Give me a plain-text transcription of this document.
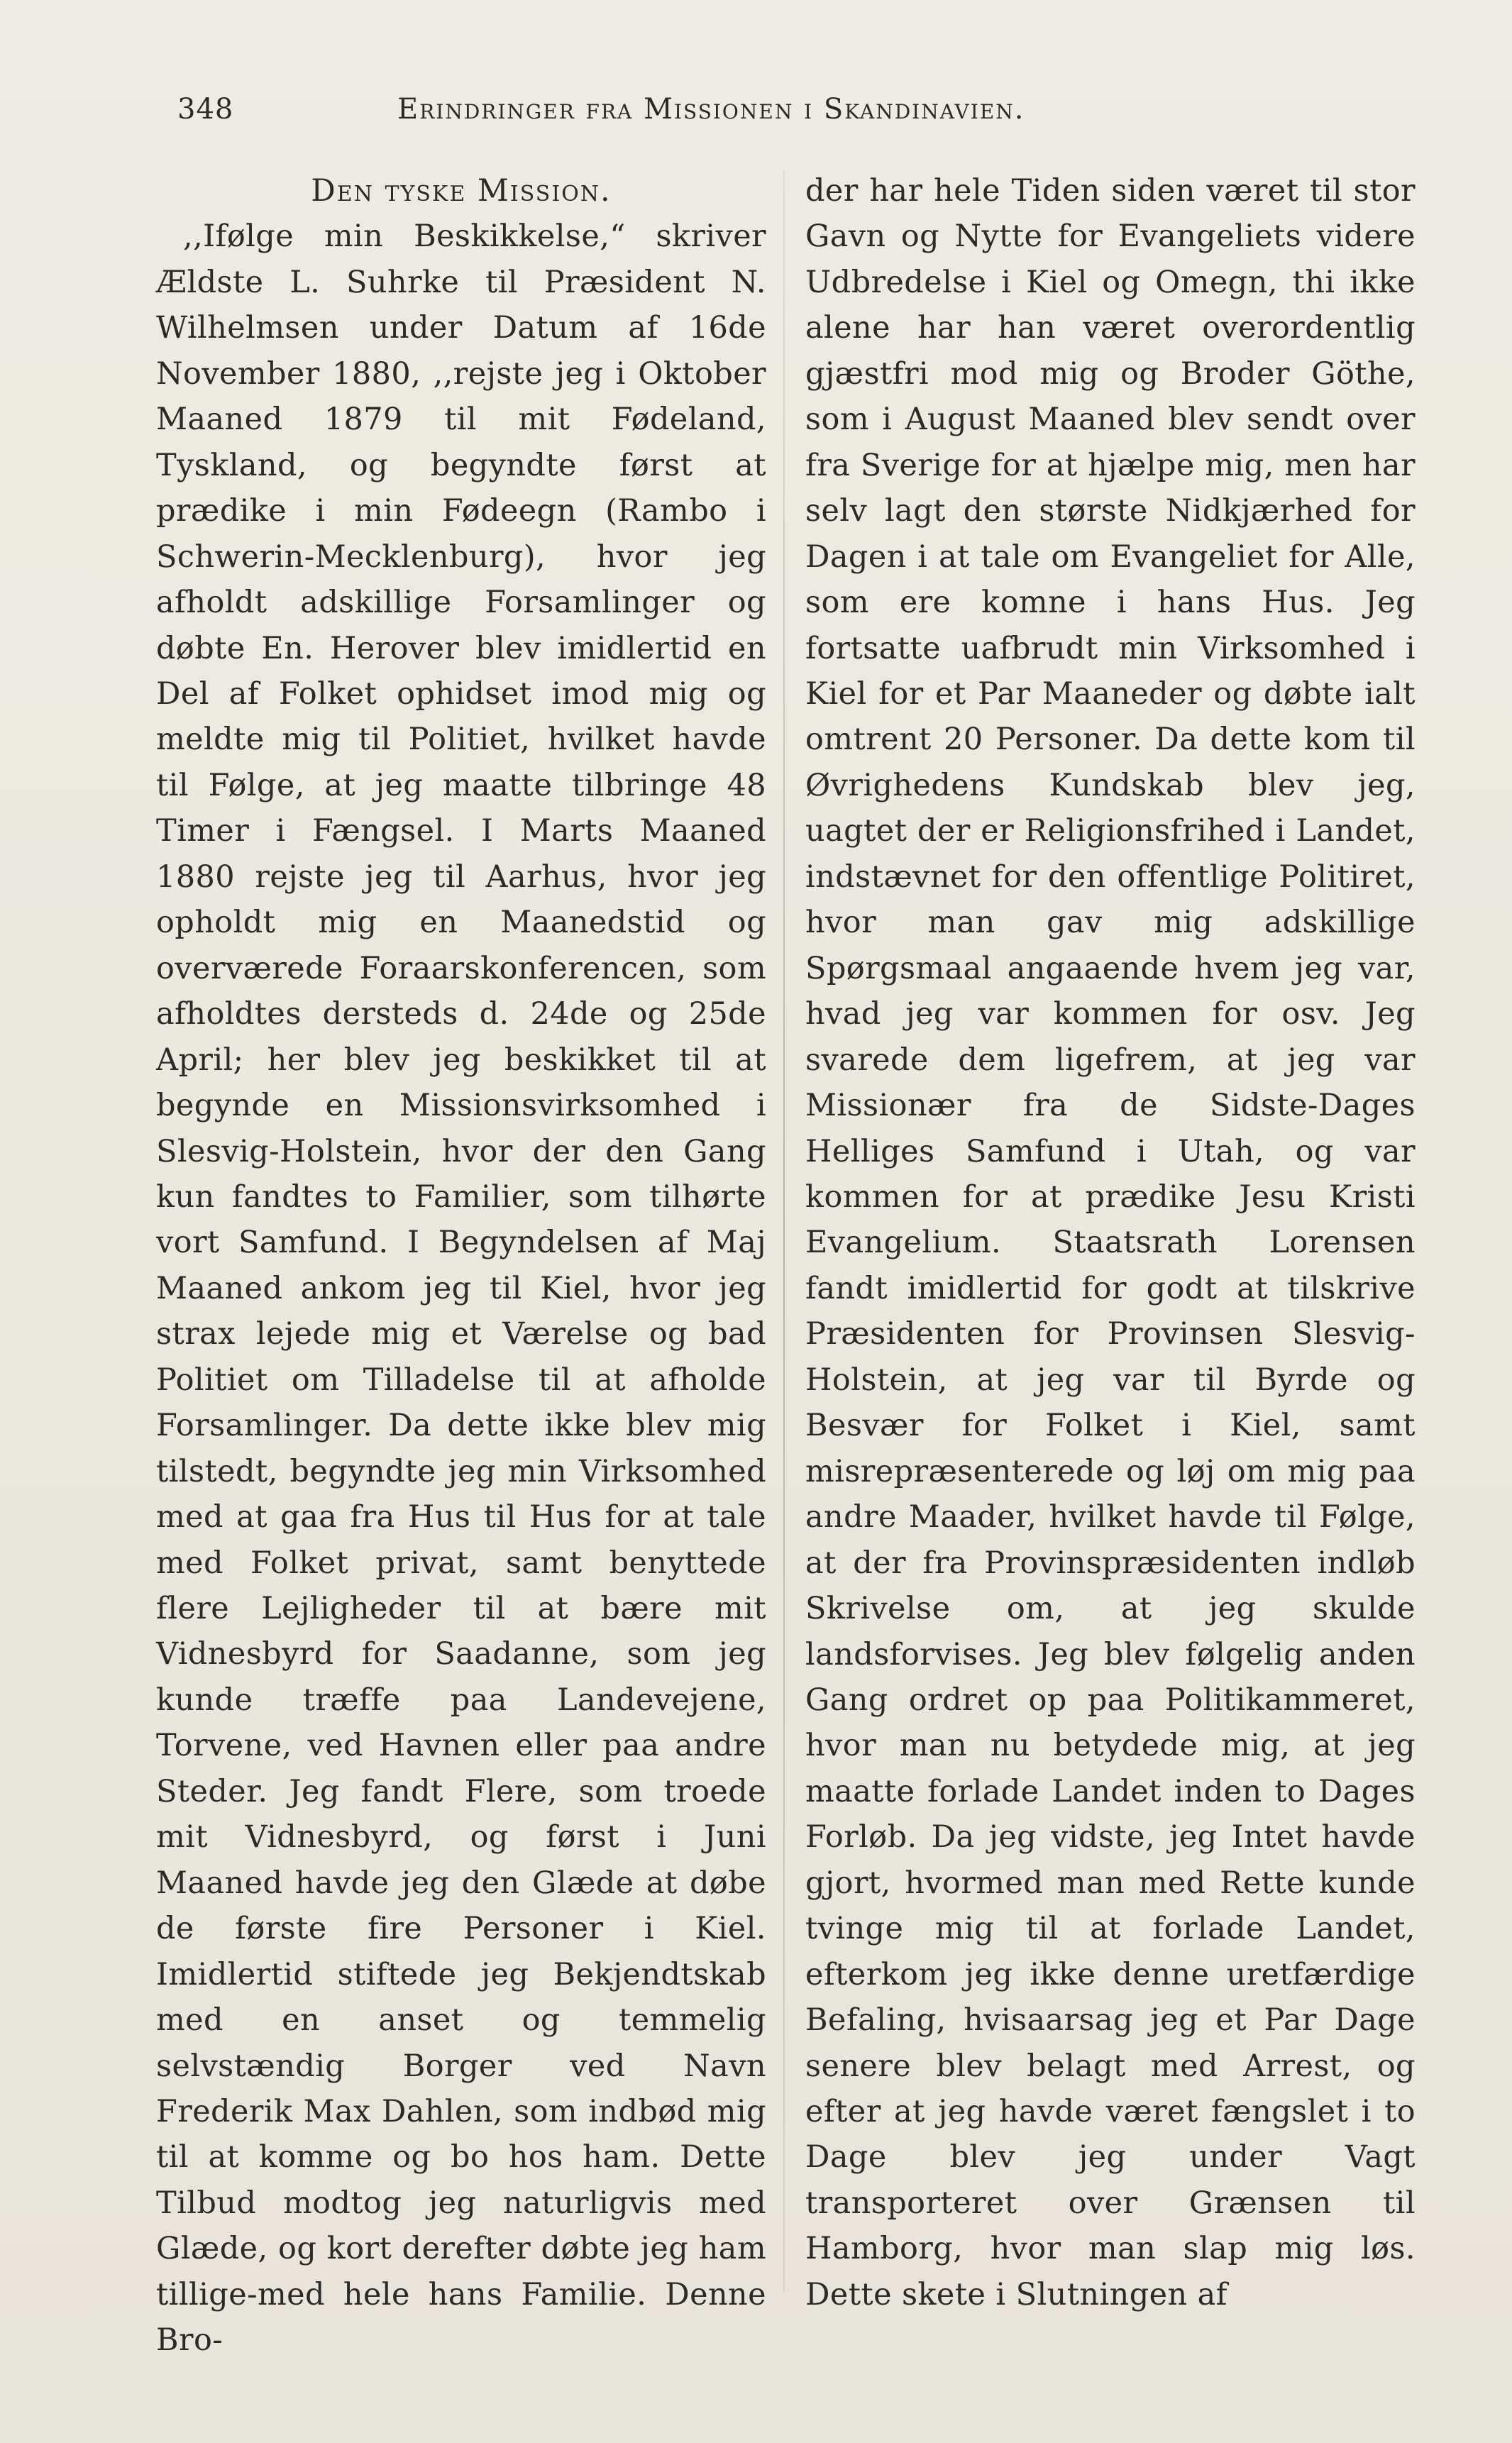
348	Erindringer fra Missionen i Skandinavien.
Den tyske Mission.

,,Ifølge min Beskikkelse,“ skriver Ældste L. Suhrke til Præsident N. Wilhelmsen under Datum af 16de November 1880, ,,rejste jeg i Oktober Maaned 1879 til mit Fødeland, Tyskland, og begyndte først at prædike i min Fødeegn (Rambo i Schwerin-Mecklenburg), hvor jeg afholdt adskillige Forsamlinger og døbte En. Herover blev imidlertid en Del af Folket ophidset imod mig og meldte mig til Politiet, hvilket havde til Følge, at jeg maatte tilbringe 48 Timer i Fængsel. I Marts Maaned 1880 rejste jeg til Aarhus, hvor jeg opholdt mig en Maanedstid og overværede Foraarskonferencen, som afholdtes dersteds d. 24de og 25de April; her blev jeg beskikket til at begynde en Missionsvirksomhed i Slesvig-Holstein, hvor der den Gang kun fandtes to Familier, som tilhørte vort Samfund. I Begyndelsen af Maj Maaned ankom jeg til Kiel, hvor jeg strax lejede mig et Værelse og bad Politiet om Tilladelse til at afholde Forsamlinger. Da dette ikke blev mig tilstedt, begyndte jeg min Virksomhed med at gaa fra Hus til Hus for at tale med Folket privat, samt benyttede flere Lejligheder til at bære mit Vidnesbyrd for Saadanne, som jeg kunde træffe paa Landevejene, Torvene, ved Havnen eller paa andre Steder. Jeg fandt Flere, som troede mit Vidnesbyrd, og først i Juni Maaned havde jeg den Glæde at døbe de første fire Personer i Kiel. Imidlertid stiftede jeg Bekjendtskab med en anset og temmelig selvstændig Borger ved Navn Frederik Max Dahlen, som indbød mig til at komme og bo hos ham. Dette Tilbud modtog jeg naturligvis med Glæde, og kort derefter døbte jeg ham tillige-med hele hans Familie. Denne Bro-

der har hele Tiden siden været til stor Gavn og Nytte for Evangeliets videre Udbredelse i Kiel og Omegn, thi ikke alene har han været overordentlig gjæstfri mod mig og Broder Göthe, som i August Maaned blev sendt over fra Sverige for at hjælpe mig, men har selv lagt den største Nidkjærhed for Dagen i at tale om Evangeliet for Alle, som ere komne i hans Hus. Jeg fortsatte uafbrudt min Virksomhed i Kiel for et Par Maaneder og døbte ialt omtrent 20 Personer. Da dette kom til Øvrighedens Kundskab blev jeg, uagtet der er Religionsfrihed i Landet, indstævnet for den offentlige Politiret, hvor man gav mig adskillige Spørgsmaal angaaende hvem jeg var, hvad jeg var kommen for osv. Jeg svarede dem ligefrem, at jeg var Missionær fra de Sidste-Dages Helliges Samfund i Utah, og var kommen for at prædike Jesu Kristi Evangelium. Staatsrath Lorensen fandt imidlertid for godt at tilskrive Præsidenten for Provinsen Slesvig-Holstein, at jeg var til Byrde og Besvær for Folket i Kiel, samt misrepræsenterede og løj om mig paa andre Maader, hvilket havde til Følge, at der fra Provinspræsidenten indløb Skrivelse om, at jeg skulde landsforvises. Jeg blev følgelig anden Gang ordret op paa Politikammeret, hvor man nu betydede mig, at jeg maatte forlade Landet inden to Dages Forløb. Da jeg vidste, jeg Intet havde gjort, hvormed man med Rette kunde tvinge mig til at forlade Landet, efterkom jeg ikke denne uretfærdige Befaling, hvisaarsag jeg et Par Dage senere blev belagt med Arrest, og efter at jeg havde været fængslet i to Dage blev jeg under Vagt transporteret over Grænsen til Hamborg, hvor man slap mig løs. Dette skete i Slutningen af
